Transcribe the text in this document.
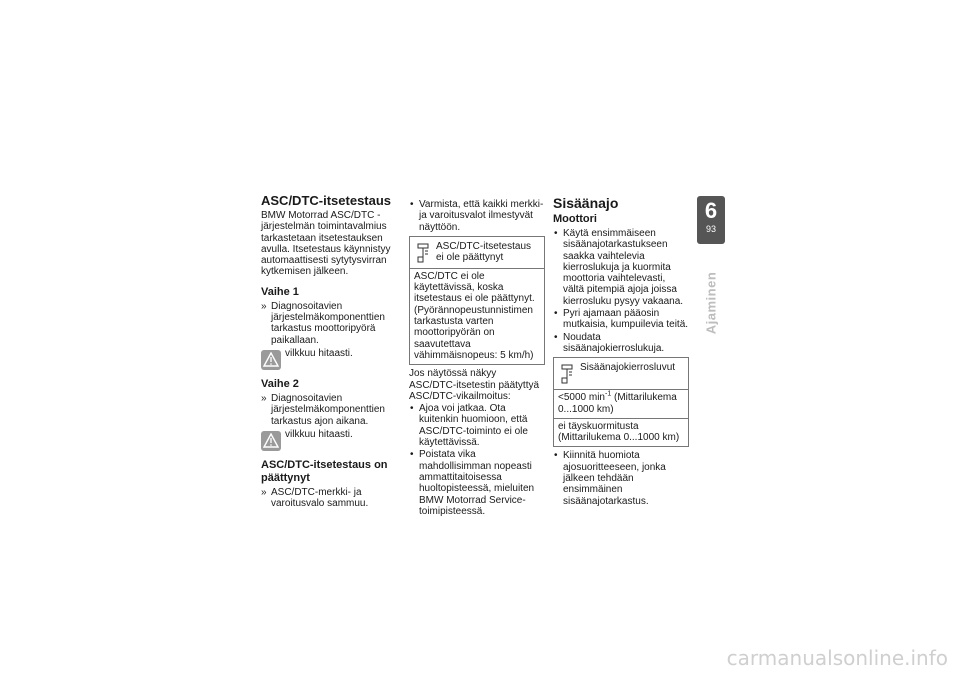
ASC/DTC-itsetestaus

BMW Motorrad ASC/DTC -järjestelmän toimintavalmius tarkastetaan itsetestauksen avulla. Itsetestaus käynnistyy automaattisesti sytytysvirran kytkemisen jälkeen.

Vaihe 1
» Diagnosoitavien järjestelmäkomponenttien tarkastus moottoripyörä paikallaan.
vilkkuu hitaasti.
Vaihe 2
» Diagnosoitavien järjestelmäkomponenttien tarkastus ajon aikana.
vilkkuu hitaasti.
ASC/DTC-itsetestaus on päättynyt
» ASC/DTC-merkki- ja varoitusvalo sammuu.
• Varmista, että kaikki merkki- ja varoitusvalot ilmestyvät näyttöön.
ASC/DTC-itsetestaus ei ole päättynyt
ASC/DTC ei ole käytettävissä, koska itsetestaus ei ole päättynyt. (Pyörännopeustunnistimen tarkastusta varten moottoripyörän on saavutettava vähimmäisnopeus: 5 km/h)

Jos näytössä näkyy ASC/DTC-itsetestin päätyttyä ASC/DTC-vikailmoitus:

• Ajoa voi jatkaa. Ota kuitenkin huomioon, että ASC/DTC-toiminto ei ole käytettävissä.
• Poistata vika mahdollisimman nopeasti ammattitaitoisessa huoltopisteessä, mieluiten BMW Motorrad Service-toimipisteessä.
Sisäänajo
Moottori
• Käytä ensimmäiseen sisäänajotarkastukseen saakka vaihtelevia kierroslukuja ja kuormita moottoria vaihtelevasti, vältä pitempiä ajoja joissa kierrosluku pysyy vakaana.
• Pyri ajamaan pääosin mutkaisia, kumpuilevia teitä.
• Noudata sisäänajokierroslukuja.
Sisäänajokierrosluvut
<5000 $\min^{-1}$ (Mittarilukema 0...1000 km)
ei täyskuormitusta (Mittarilukema 0...1000 km)
• Kiinnitä huomiota ajosuoritteeseen, jonka jälkeen tehdään ensimmäinen sisäänajotarkastus.
6
93
Ajaminen
carmanualsonline.info
